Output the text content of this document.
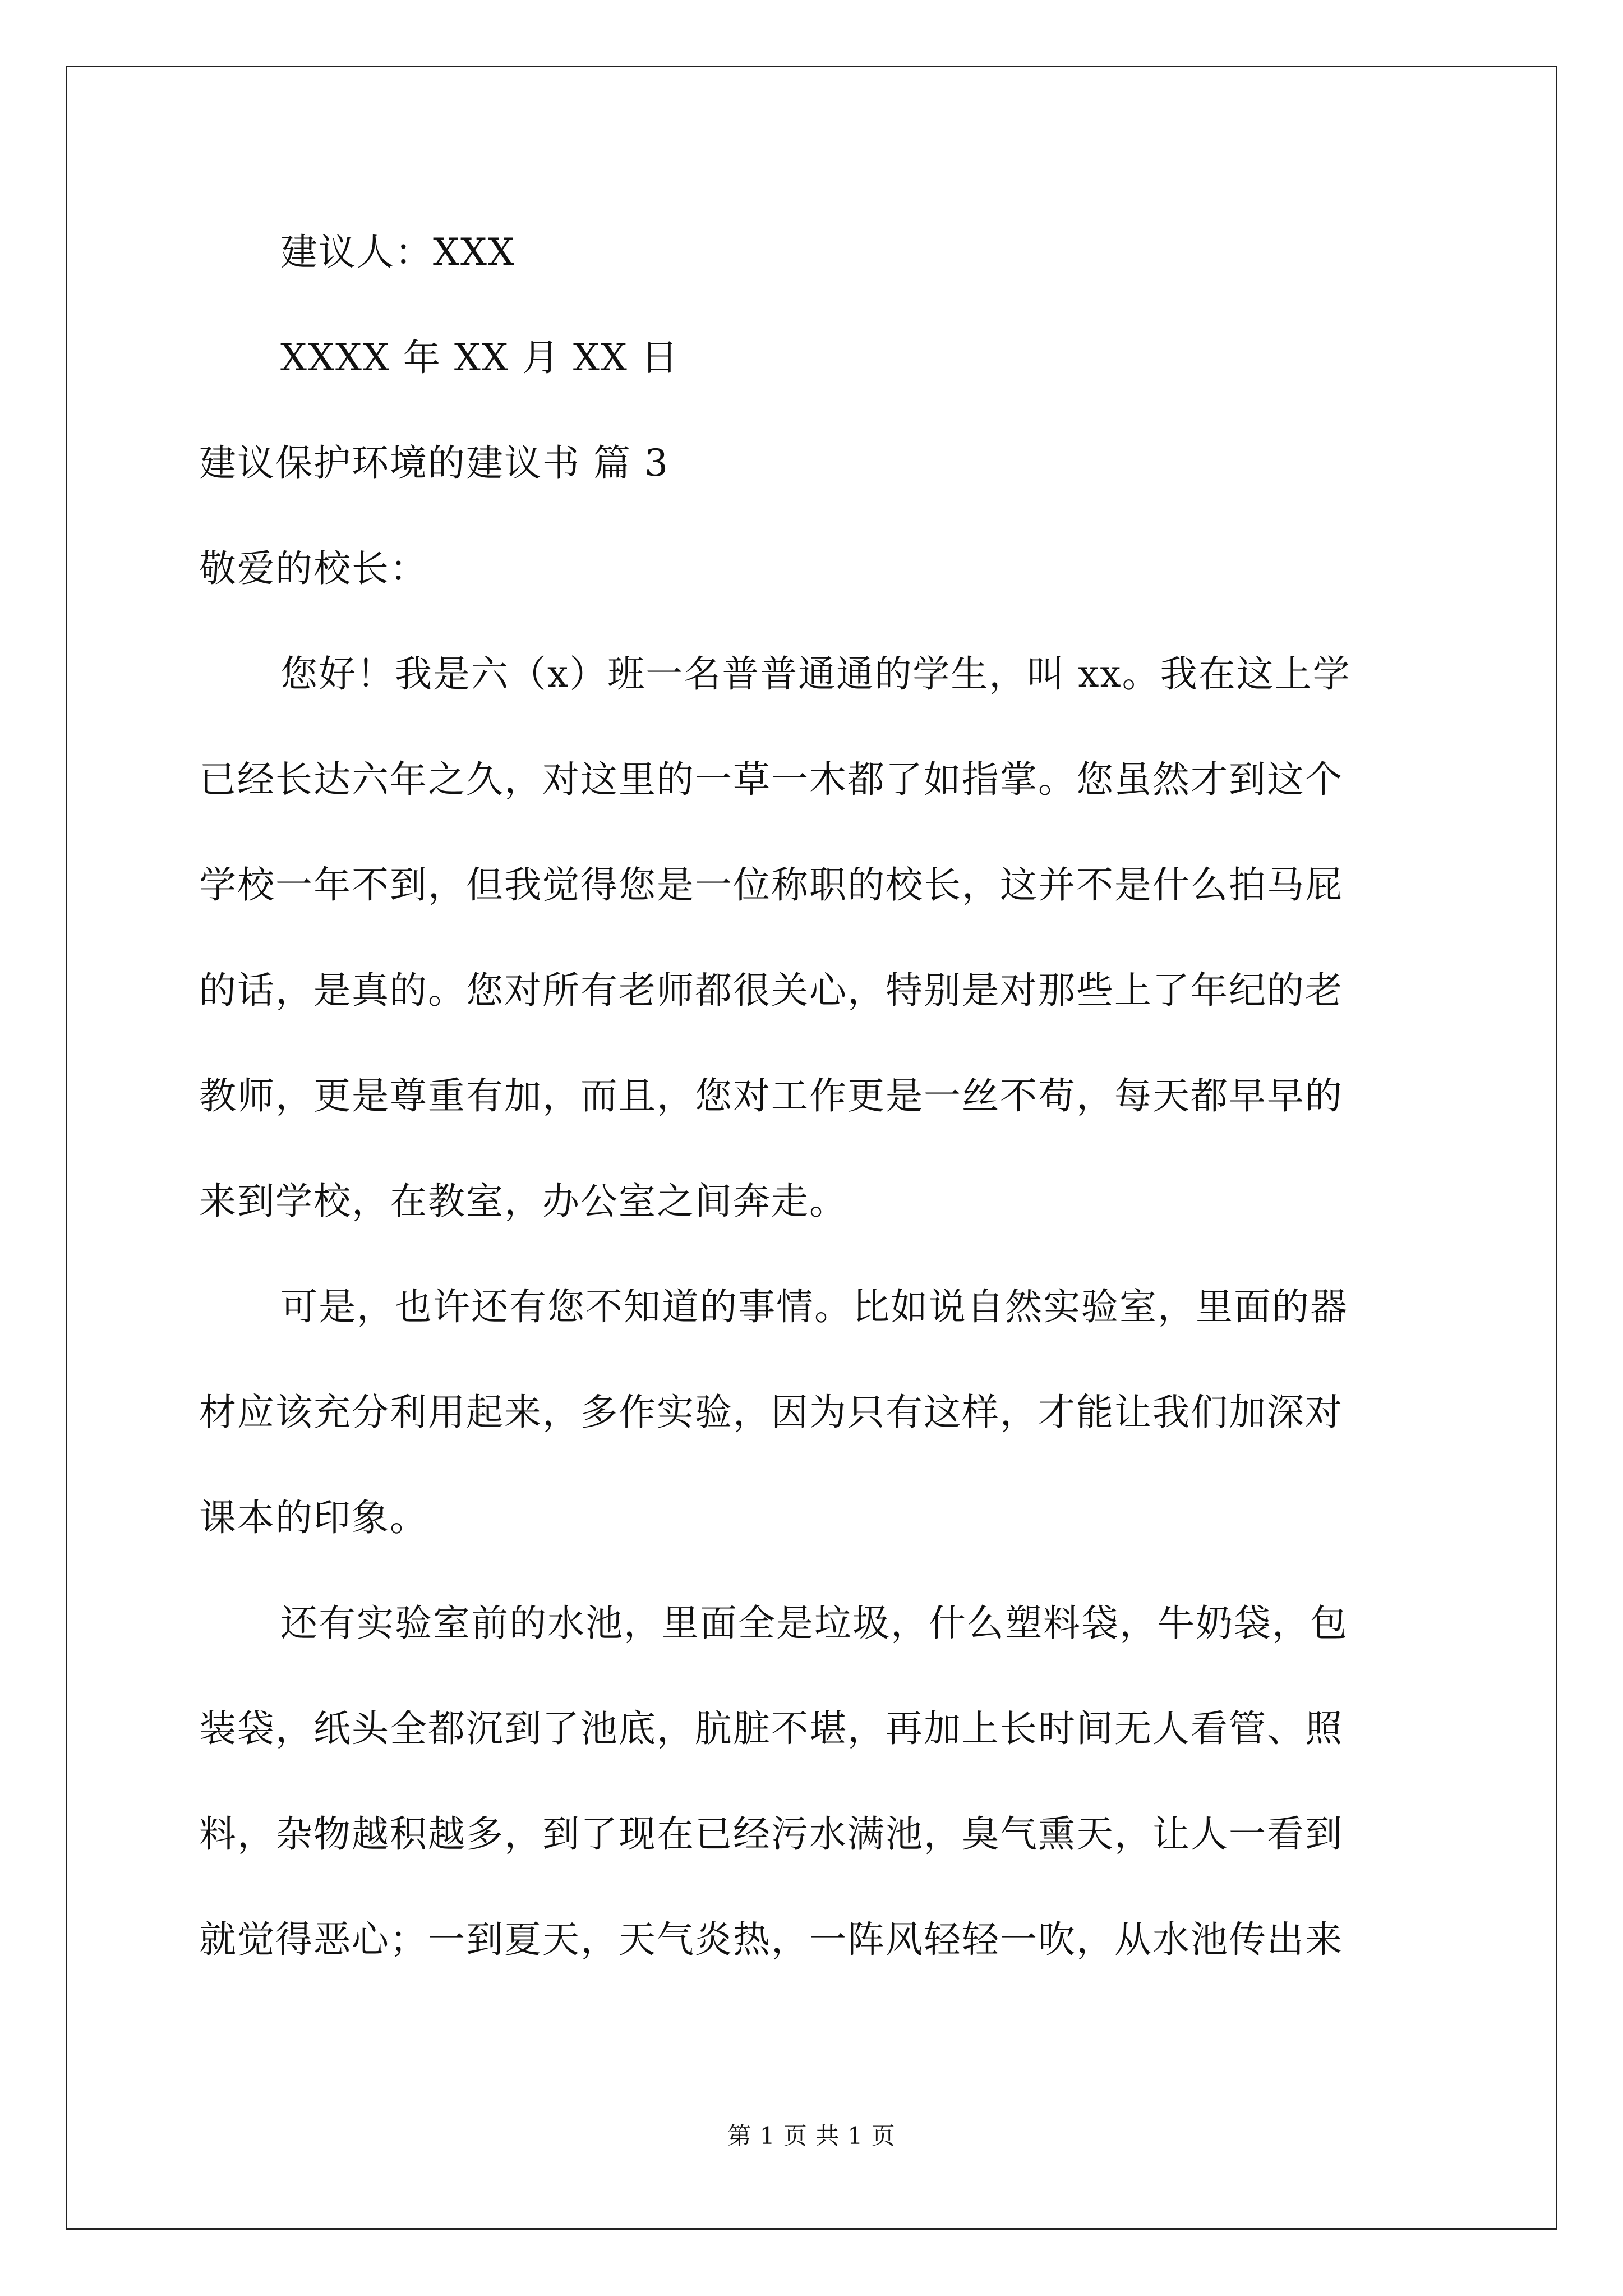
建议人：XXX
XXXX 年 XX 月 XX 日
建议保护环境的建议书 篇 3
敬爱的校长：
您好！我是六（x）班一名普普通通的学生，叫 xx。我在这上学
已经长达六年之久，对这里的一草一木都了如指掌。您虽然才到这个
学校一年不到，但我觉得您是一位称职的校长，这并不是什么拍马屁
的话，是真的。您对所有老师都很关心，特别是对那些上了年纪的老
教师，更是尊重有加，而且，您对工作更是一丝不苟，每天都早早的
来到学校，在教室，办公室之间奔走。
可是，也许还有您不知道的事情。比如说自然实验室，里面的器
材应该充分利用起来，多作实验，因为只有这样，才能让我们加深对
课本的印象。
还有实验室前的水池，里面全是垃圾，什么塑料袋，牛奶袋，包
装袋，纸头全都沉到了池底，肮脏不堪，再加上长时间无人看管、照
料，杂物越积越多，到了现在已经污水满池，臭气熏天，让人一看到
就觉得恶心；一到夏天，天气炎热，一阵风轻轻一吹，从水池传出来
第 1 页 共 1 页
